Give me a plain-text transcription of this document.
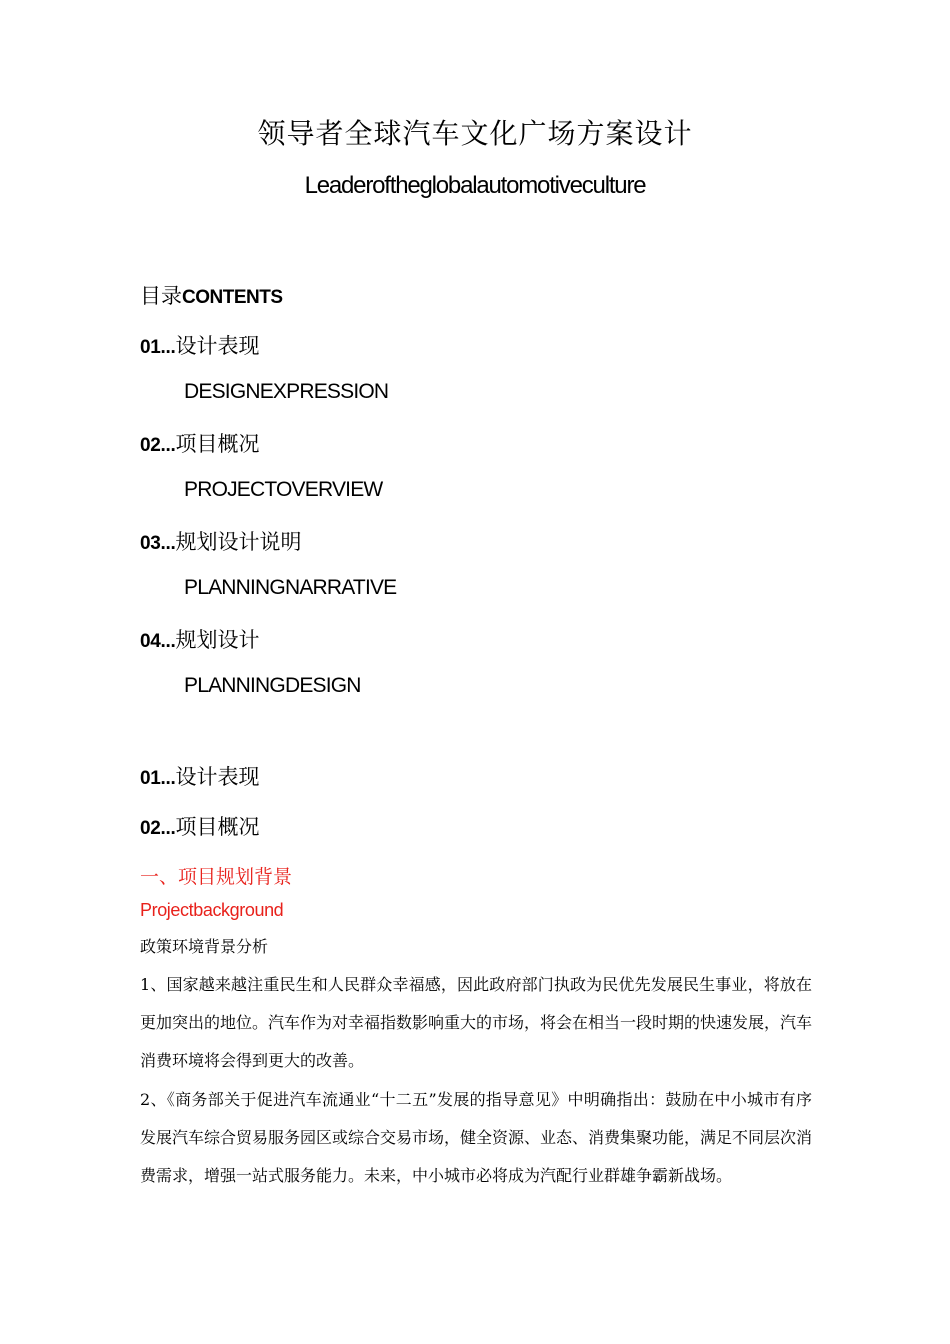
领导者全球汽车文化广场方案设计
Leaderoftheglobalautomotiveculture
目录CONTENTS
01...设计表现
DESIGNEXPRESSION
02...项目概况
PROJECTOVERVIEW
03...规划设计说明
PLANNINGNARRATIVE
04...规划设计
PLANNINGDESIGN
01...设计表现
02...项目概况
一、项目规划背景
Projectbackground
政策环境背景分析

1、国家越来越注重民生和人民群众幸福感，因此政府部门执政为民优先发展民生事业，将放在更加突出的地位。汽车作为对幸福指数影响重大的市场，将会在相当一段时期的快速发展，汽车消费环境将会得到更大的改善。

2、《商务部关于促进汽车流通业“十二五”发展的指导意见》中明确指出：鼓励在中小城市有序发展汽车综合贸易服务园区或综合交易市场，健全资源、业态、消费集聚功能，满足不同层次消费需求，增强一站式服务能力。未来，中小城市必将成为汽配行业群雄争霸新战场。
